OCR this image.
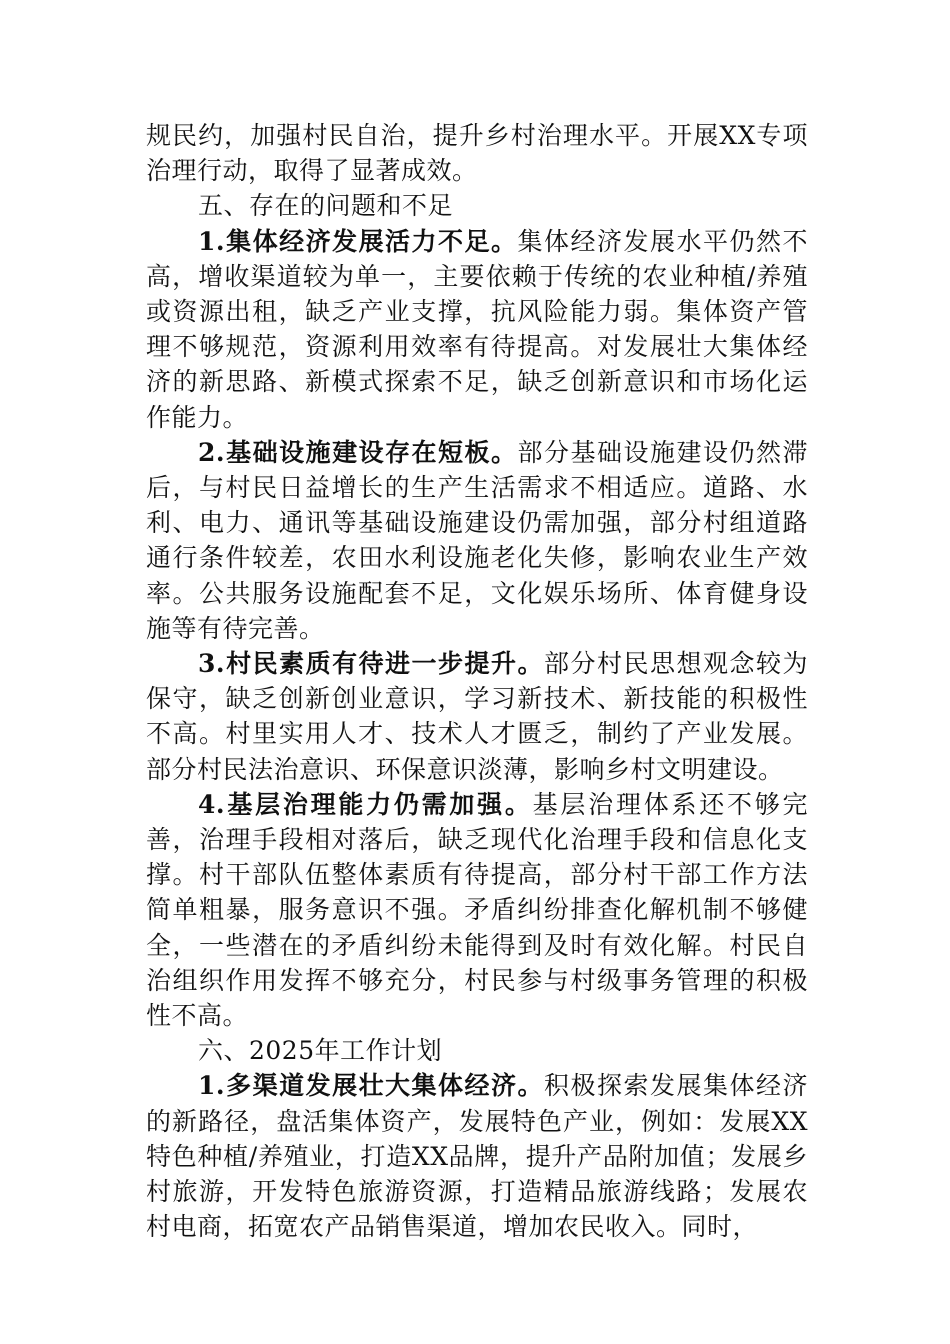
规民约，加强村民自治，提升乡村治理水平。开展XX专项治理行动，取得了显著成效。

五、存在的问题和不足

1.集体经济发展活力不足。集体经济发展水平仍然不高，增收渠道较为单一，主要依赖于传统的农业种植/养殖或资源出租，缺乏产业支撑，抗风险能力弱。集体资产管理不够规范，资源利用效率有待提高。对发展壮大集体经济的新思路、新模式探索不足，缺乏创新意识和市场化运作能力。

2.基础设施建设存在短板。部分基础设施建设仍然滞后，与村民日益增长的生产生活需求不相适应。道路、水利、电力、通讯等基础设施建设仍需加强，部分村组道路通行条件较差，农田水利设施老化失修，影响农业生产效率。公共服务设施配套不足，文化娱乐场所、体育健身设施等有待完善。

3.村民素质有待进一步提升。部分村民思想观念较为保守，缺乏创新创业意识，学习新技术、新技能的积极性不高。村里实用人才、技术人才匮乏，制约了产业发展。部分村民法治意识、环保意识淡薄，影响乡村文明建设。

4.基层治理能力仍需加强。基层治理体系还不够完善，治理手段相对落后，缺乏现代化治理手段和信息化支撑。村干部队伍整体素质有待提高，部分村干部工作方法简单粗暴，服务意识不强。矛盾纠纷排查化解机制不够健全，一些潜在的矛盾纠纷未能得到及时有效化解。村民自治组织作用发挥不够充分，村民参与村级事务管理的积极性不高。

六、2025年工作计划

1.多渠道发展壮大集体经济。积极探索发展集体经济的新路径，盘活集体资产，发展特色产业，例如：发展XX特色种植/养殖业，打造XX品牌，提升产品附加值；发展乡村旅游，开发特色旅游资源，打造精品旅游线路；发展农村电商，拓宽农产品销售渠道，增加农民收入。同时，
